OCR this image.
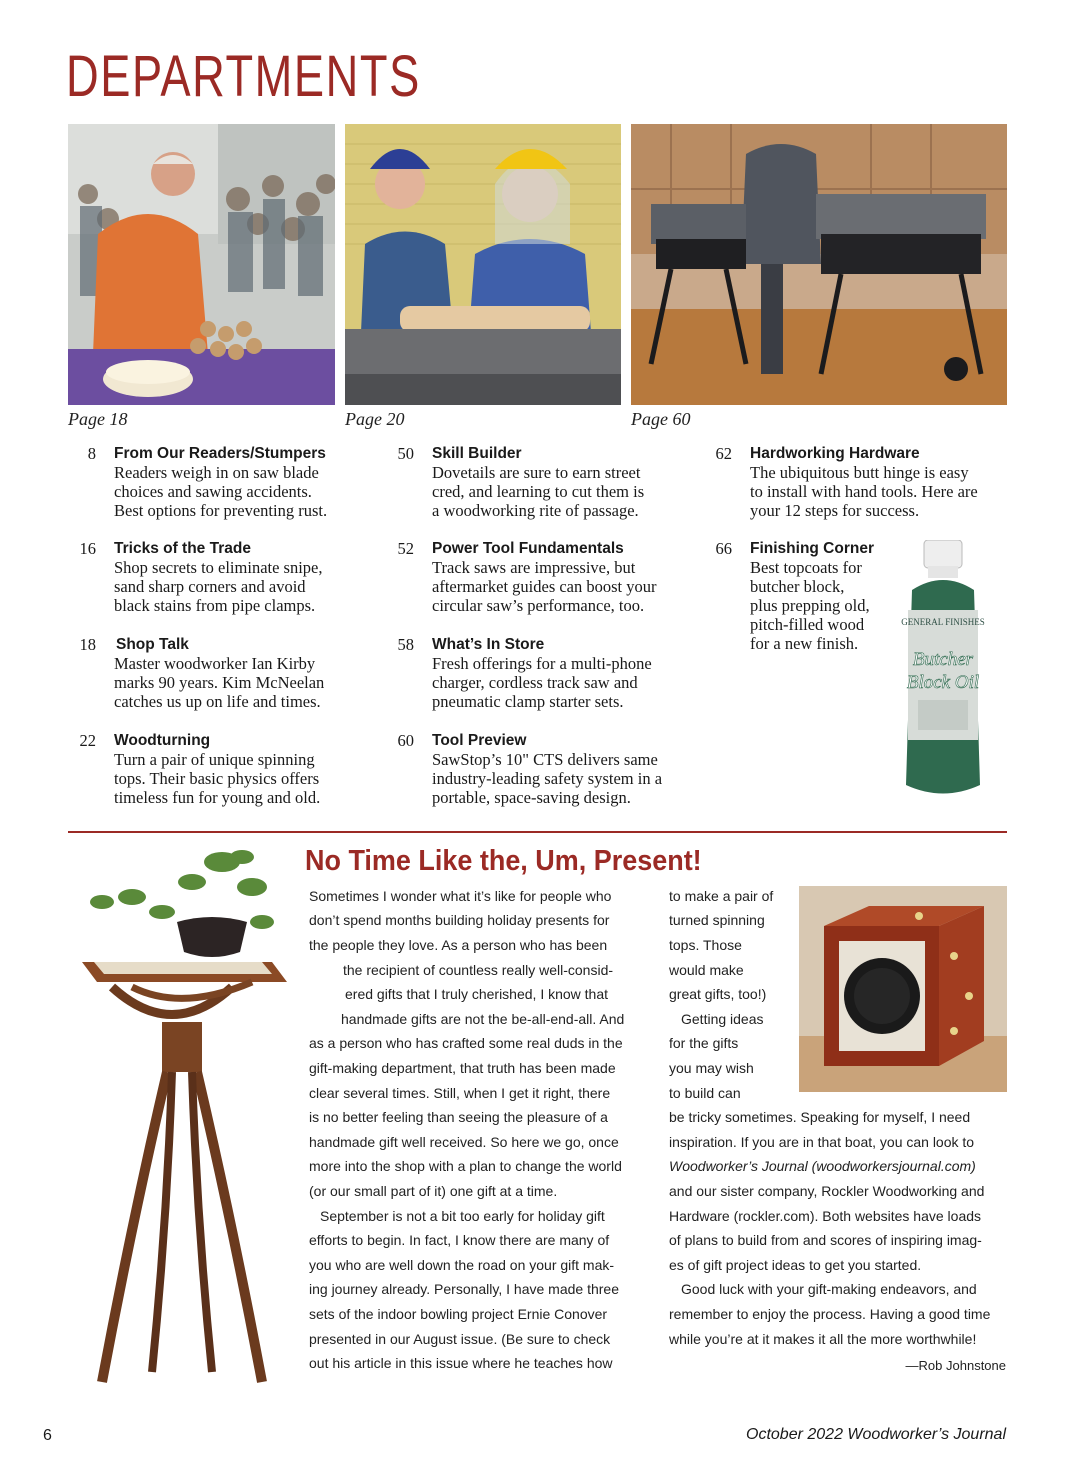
DEPARTMENTS
Page 18	Page 20	Page 60
8 From Our Readers/Stumpers
Readers weigh in on saw blade
choices and sawing accidents.
Best options for preventing rust.
16 Tricks of the Trade
Shop secrets to eliminate snipe,
sand sharp corners and avoid
black stains from pipe clamps.
18 Shop Talk
Master woodworker Ian Kirby
marks 90 years. Kim McNeelan
catches us up on life and times.
22 Woodturning
Turn a pair of unique spinning
tops. Their basic physics offers
timeless fun for young and old.
50 Skill Builder
Dovetails are sure to earn street
cred, and learning to cut them is
a woodworking rite of passage.
52 Power Tool Fundamentals
Track saws are impressive, but
aftermarket guides can boost your
circular saw’s performance, too.
58 What’s In Store
Fresh offerings for a multi-phone
charger, cordless track saw and
pneumatic clamp starter sets.
60 Tool Preview
SawStop’s 10" CTS delivers same
industry-leading safety system in a
portable, space-saving design.
62 Hardworking Hardware
The ubiquitous butt hinge is easy
to install with hand tools. Here are
your 12 steps for success.
66 Finishing Corner
Best topcoats for
butcher block,
plus prepping old,
pitch-filled wood
for a new finish.
GENERAL FINISHES
Butcher
Block Oil
No Time Like the, Um, Present!
Sometimes I wonder what it’s like for people who
don’t spend months building holiday presents for
the people they love. As a person who has been
the recipient of countless really well-consid-
ered gifts that I truly cherished, I know that
handmade gifts are not the be-all-end-all. And
as a person who has crafted some real duds in the
gift-making department, that truth has been made
clear several times. Still, when I get it right, there
is no better feeling than seeing the pleasure of a
handmade gift well received. So here we go, once
more into the shop with a plan to change the world
(or our small part of it) one gift at a time.
September is not a bit too early for holiday gift
efforts to begin. In fact, I know there are many of
you who are well down the road on your gift mak-
ing journey already. Personally, I have made three
sets of the indoor bowling project Ernie Conover
presented in our August issue. (Be sure to check
out his article in this issue where he teaches how
to make a pair of
turned spinning
tops. Those
would make
great gifts, too!)
Getting ideas
for the gifts
you may wish
to build can
be tricky sometimes. Speaking for myself, I need
inspiration. If you are in that boat, you can look to
Woodworker’s Journal (woodworkersjournal.com)
and our sister company, Rockler Woodworking and
Hardware (rockler.com). Both websites have loads
of plans to build from and scores of inspiring imag-
es of gift project ideas to get you started.
Good luck with your gift-making endeavors, and
remember to enjoy the process. Having a good time
while you’re at it makes it all the more worthwhile!
—Rob Johnstone
6	October 2022 Woodworker’s Journal
